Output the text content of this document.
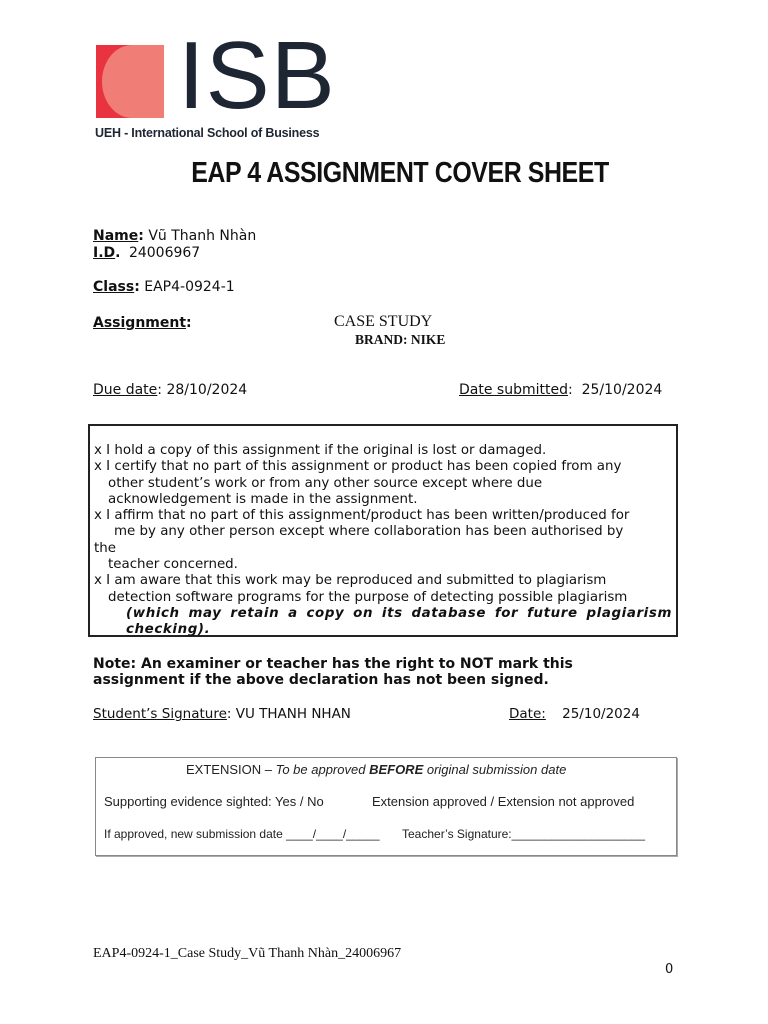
ISB
UEH - International School of Business
EAP 4 ASSIGNMENT COVER SHEET
Name: Vũ Thanh Nhàn
I.D. 24006967
Class: EAP4-0924-1
Assignment:	CASE STUDY
BRAND: NIKE
Due date: 28/10/2024	Date submitted:  25/10/2024

x I hold a copy of this assignment if the original is lost or damaged.

x I certify that no part of this assignment or product has been copied from any

other student’s work or from any other source except where due

acknowledgement is made in the assignment.

x I affirm that no part of this assignment/product has been written/produced for

me by any other person except where collaboration has been authorised by

the

teacher concerned.

x I am aware that this work may be reproduced and submitted to plagiarism

detection software programs for the purpose of detecting possible plagiarism

(which may retain a copy on its database for future plagiarism checking).

Note: An examiner or teacher has the right to NOT mark this
assignment if the above declaration has not been signed.
Student’s Signature: VU THANH NHAN	Date: 25/10/2024
EXTENSION – To be approved BEFORE original submission date
Supporting evidence sighted: Yes / No	Extension approved / Extension not approved
If approved, new submission date ____/____/_____ Teacher’s Signature:____________________
EAP4-0924-1_Case Study_Vũ Thanh Nhàn_24006967
0
